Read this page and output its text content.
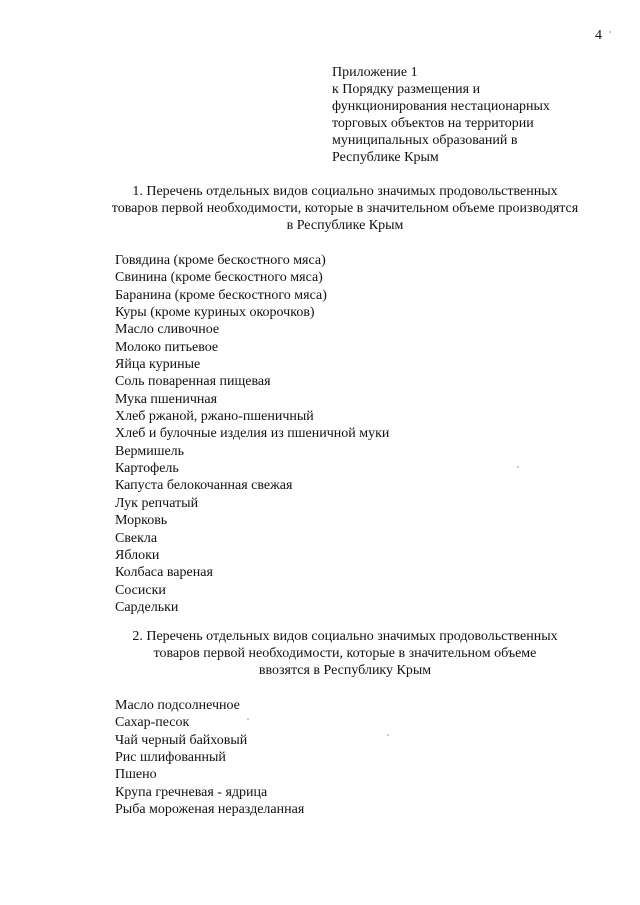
4
Приложение 1
к Порядку размещения и
функционирования нестационарных
торговых объектов на территории
муниципальных образований в
Республике Крым
1. Перечень отдельных видов социально значимых продовольственных
товаров первой необходимости, которые в значительном объеме производятся
в Республике Крым
Говядина (кроме бескостного мяса)
Свинина (кроме бескостного мяса)
Баранина (кроме бескостного мяса)
Куры (кроме куриных окорочков)
Масло сливочное
Молоко питьевое
Яйца куриные
Соль поваренная пищевая
Мука пшеничная
Хлеб ржаной, ржано-пшеничный
Хлеб и булочные изделия из пшеничной муки
Вермишель
Картофель
Капуста белокочанная свежая
Лук репчатый
Морковь
Свекла
Яблоки
Колбаса вареная
Сосиски
Сардельки
2. Перечень отдельных видов социально значимых продовольственных
товаров первой необходимости, которые в значительном объеме
ввозятся в Республику Крым
Масло подсолнечное
Сахар-песок
Чай черный байховый
Рис шлифованный
Пшено
Крупа гречневая - ядрица
Рыба мороженая неразделанная
